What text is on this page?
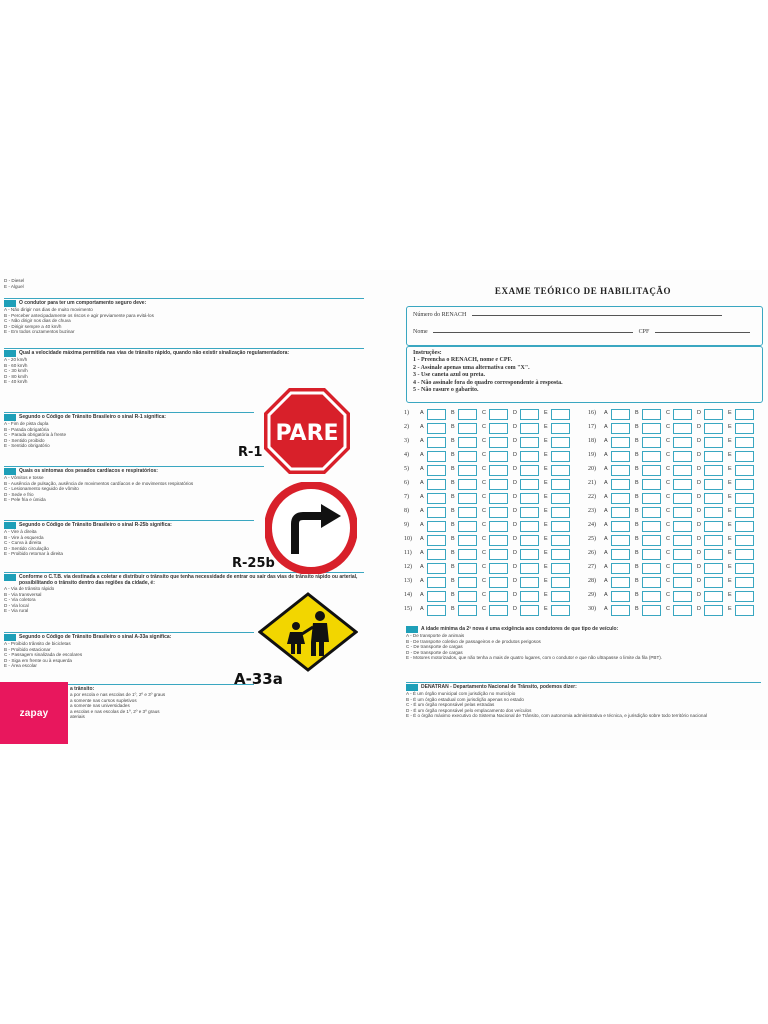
D - Diesel
E - Alguel
O condutor para ter um comportamento seguro deve:
A - Não dirigir nos dias de muito movimento
B - Perceber antecipadamente os riscos e agir previamente para evitá-los
C - Não dirigir nos dias de chuva
D - Dirigir sempre a 40 km/h
E - Em todos cruzamentos buzinar
Qual a velocidade máxima permitida nas vias de trânsito rápido, quando não existir sinalização regulamentadora:
A - 20 km/h
B - 60 km/h
C - 30 km/h
D - 80 km/h
E - 40 km/h
Segundo o Código de Trânsito Brasileiro o sinal R-1 significa:
A - Fim de pista dupla
B - Parada obrigatória
C - Parada obrigatória à frente
D - Sentido proibido
E - Sentido obrigatório
Quais os sintomas dos pesados cardíacos e respiratórios:
A - Vômitos e tosse
B - Ausência de pulsação, ausência de movimentos cardíacos e de movimentos respiratórios
C - Lesionamento seguido de vômito
D - Sede e frio
E - Pele fria e úmida
Segundo o Código de Trânsito Brasileiro o sinal R-25b significa:
A - Vire à direita
B - Vire à esquerda
C - Curva à direita
D - Sentido circulação
E - Proibido retornar à direita
Conforme o C.T.B. via destinada a coletar e distribuir o trânsito que tenha necessidade de entrar ou sair das vias de trânsito rápido ou arterial, possibilitando o trânsito dentro das regiões da cidade, é:
A - Via de trânsito rápido
B - Via transversal
C - Via coletora
D - Via local
E - Via rural
Segundo o Código de Trânsito Brasileiro o sinal A-33a significa:
A - Proibido trânsito de bicicletas
B - Proibido estacionar
C - Passagem sinalizada de escolares
D - Siga em frente ou à esquerda
E - Área escolar
a trânsito:
a por escola e nas escolas de 1º, 2º e 3º graus
a somente nas cursos supletivos
a somente nas universidades
a escolas e nas escolas de 1º, 2º e 3º graus
ateriais
PARE
R-1
R-25b
A-33a
zapay
EXAME TEÓRICO DE HABILITAÇÃO
Número do RENACH
Nome	CPF
Instruções:
1 - Preencha o RENACH, nome e CPF.
2 - Assinale apenas uma alternativa com "X".
3 - Use caneta azul ou preta.
4 - Não assinale fora do quadro correspondente à resposta.
5 - Não rasure o gabarito.
1) A	B	C	D	E
2) A	B	C	D	E
3) A	B	C	D	E
4) A	B	C	D	E
5) A	B	C	D	E
6) A	B	C	D	E
7) A	B	C	D	E
8) A	B	C	D	E
9) A	B	C	D	E
10) A	B	C	D	E
11) A	B	C	D	E
12) A	B	C	D	E
13) A	B	C	D	E
14) A	B	C	D	E
15) A	B	C	D	E
16) A	B	C	D	E
17) A	B	C	D	E
18) A	B	C	D	E
19) A	B	C	D	E
20) A	B	C	D	E
21) A	B	C	D	E
22) A	B	C	D	E
23) A	B	C	D	E
24) A	B	C	D	E
25) A	B	C	D	E
26) A	B	C	D	E
27) A	B	C	D	E
28) A	B	C	D	E
29) A	B	C	D	E
30) A	B	C	D	E
A idade mínima da 2ª nova é uma exigência aos condutores de que tipo de veículo:
A - De transporte de animais
B - De transporte coletivo de passageiros e de produtos perigosos
C - De transporte de cargas
D - De transporte de cargas
E - Motores motorizados, que não tenha a mais de quatro lugares, com o condutor e que não ultrapasse o limite da fila (PBT).
DENATRAN - Departamento Nacional de Trânsito, podemos dizer:
A - É um órgão municipal com jurisdição no município
B - É um órgão estadual com jurisdição apenas no estado
C - É um órgão responsável pelas estradas
D - É um órgão responsável pelo emplacamento dos veículos
E - É o órgão máximo executivo do Sistema Nacional de Trânsito, com autonomia administrativa e técnica, e jurisdição sobre todo território nacional
